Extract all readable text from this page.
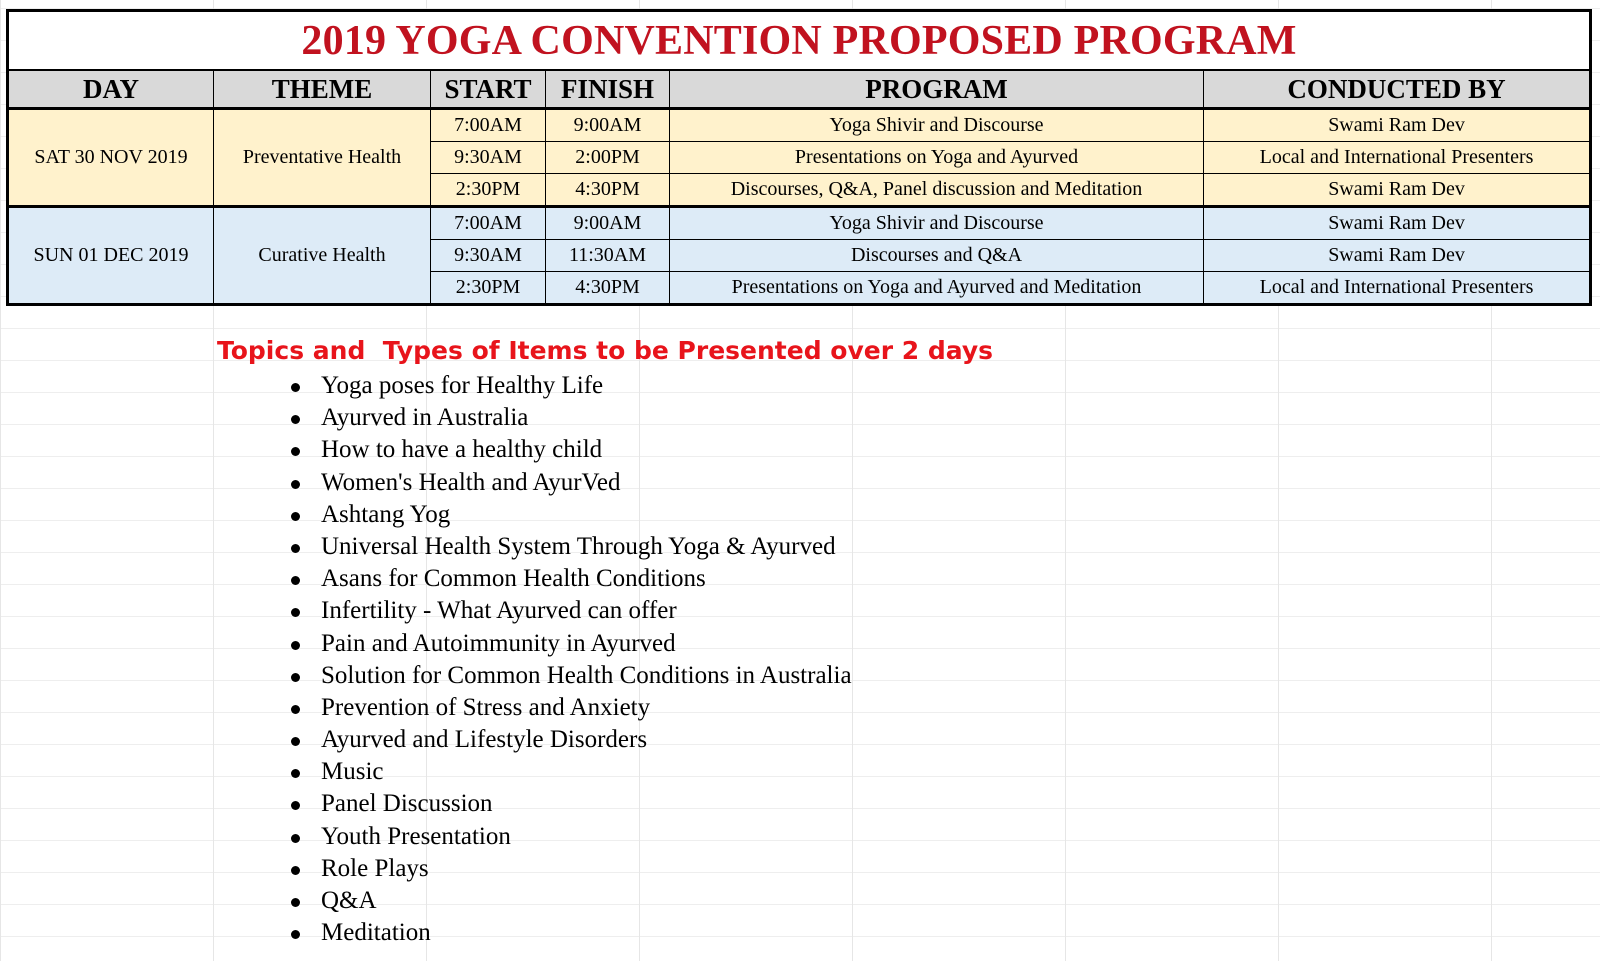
2019 YOGA CONVENTION PROPOSED PROGRAM					
DAY	THEME	START	FINISH	PROGRAM	CONDUCTED BY
SAT 30 NOV 2019	Preventative Health	7:00AM	9:00AM	Yoga Shivir and Discourse	Swami Ram Dev
		9:30AM	2:00PM	Presentations on Yoga and Ayurved	Local and International Presenters
		2:30PM	4:30PM	Discourses, Q&A, Panel discussion and Meditation	Swami Ram Dev
SUN 01 DEC 2019	Curative Health	7:00AM	9:00AM	Yoga Shivir and Discourse	Swami Ram Dev
		9:30AM	11:30AM	Discourses and Q&A	Swami Ram Dev
		2:30PM	4:30PM	Presentations on Yoga and Ayurved and Meditation	Local and International Presenters

Topics and  Types of Items to be Presented over 2 days

Yoga poses for Healthy Life
Ayurved in Australia
How to have a healthy child
Women's Health and AyurVed
Ashtang Yog
Universal Health System Through Yoga & Ayurved
Asans for Common Health Conditions
Infertility - What Ayurved can offer
Pain and Autoimmunity in Ayurved
Solution for Common Health Conditions in Australia
Prevention of Stress and Anxiety
Ayurved and Lifestyle Disorders
Music
Panel Discussion
Youth Presentation
Role Plays
Q&A
Meditation
